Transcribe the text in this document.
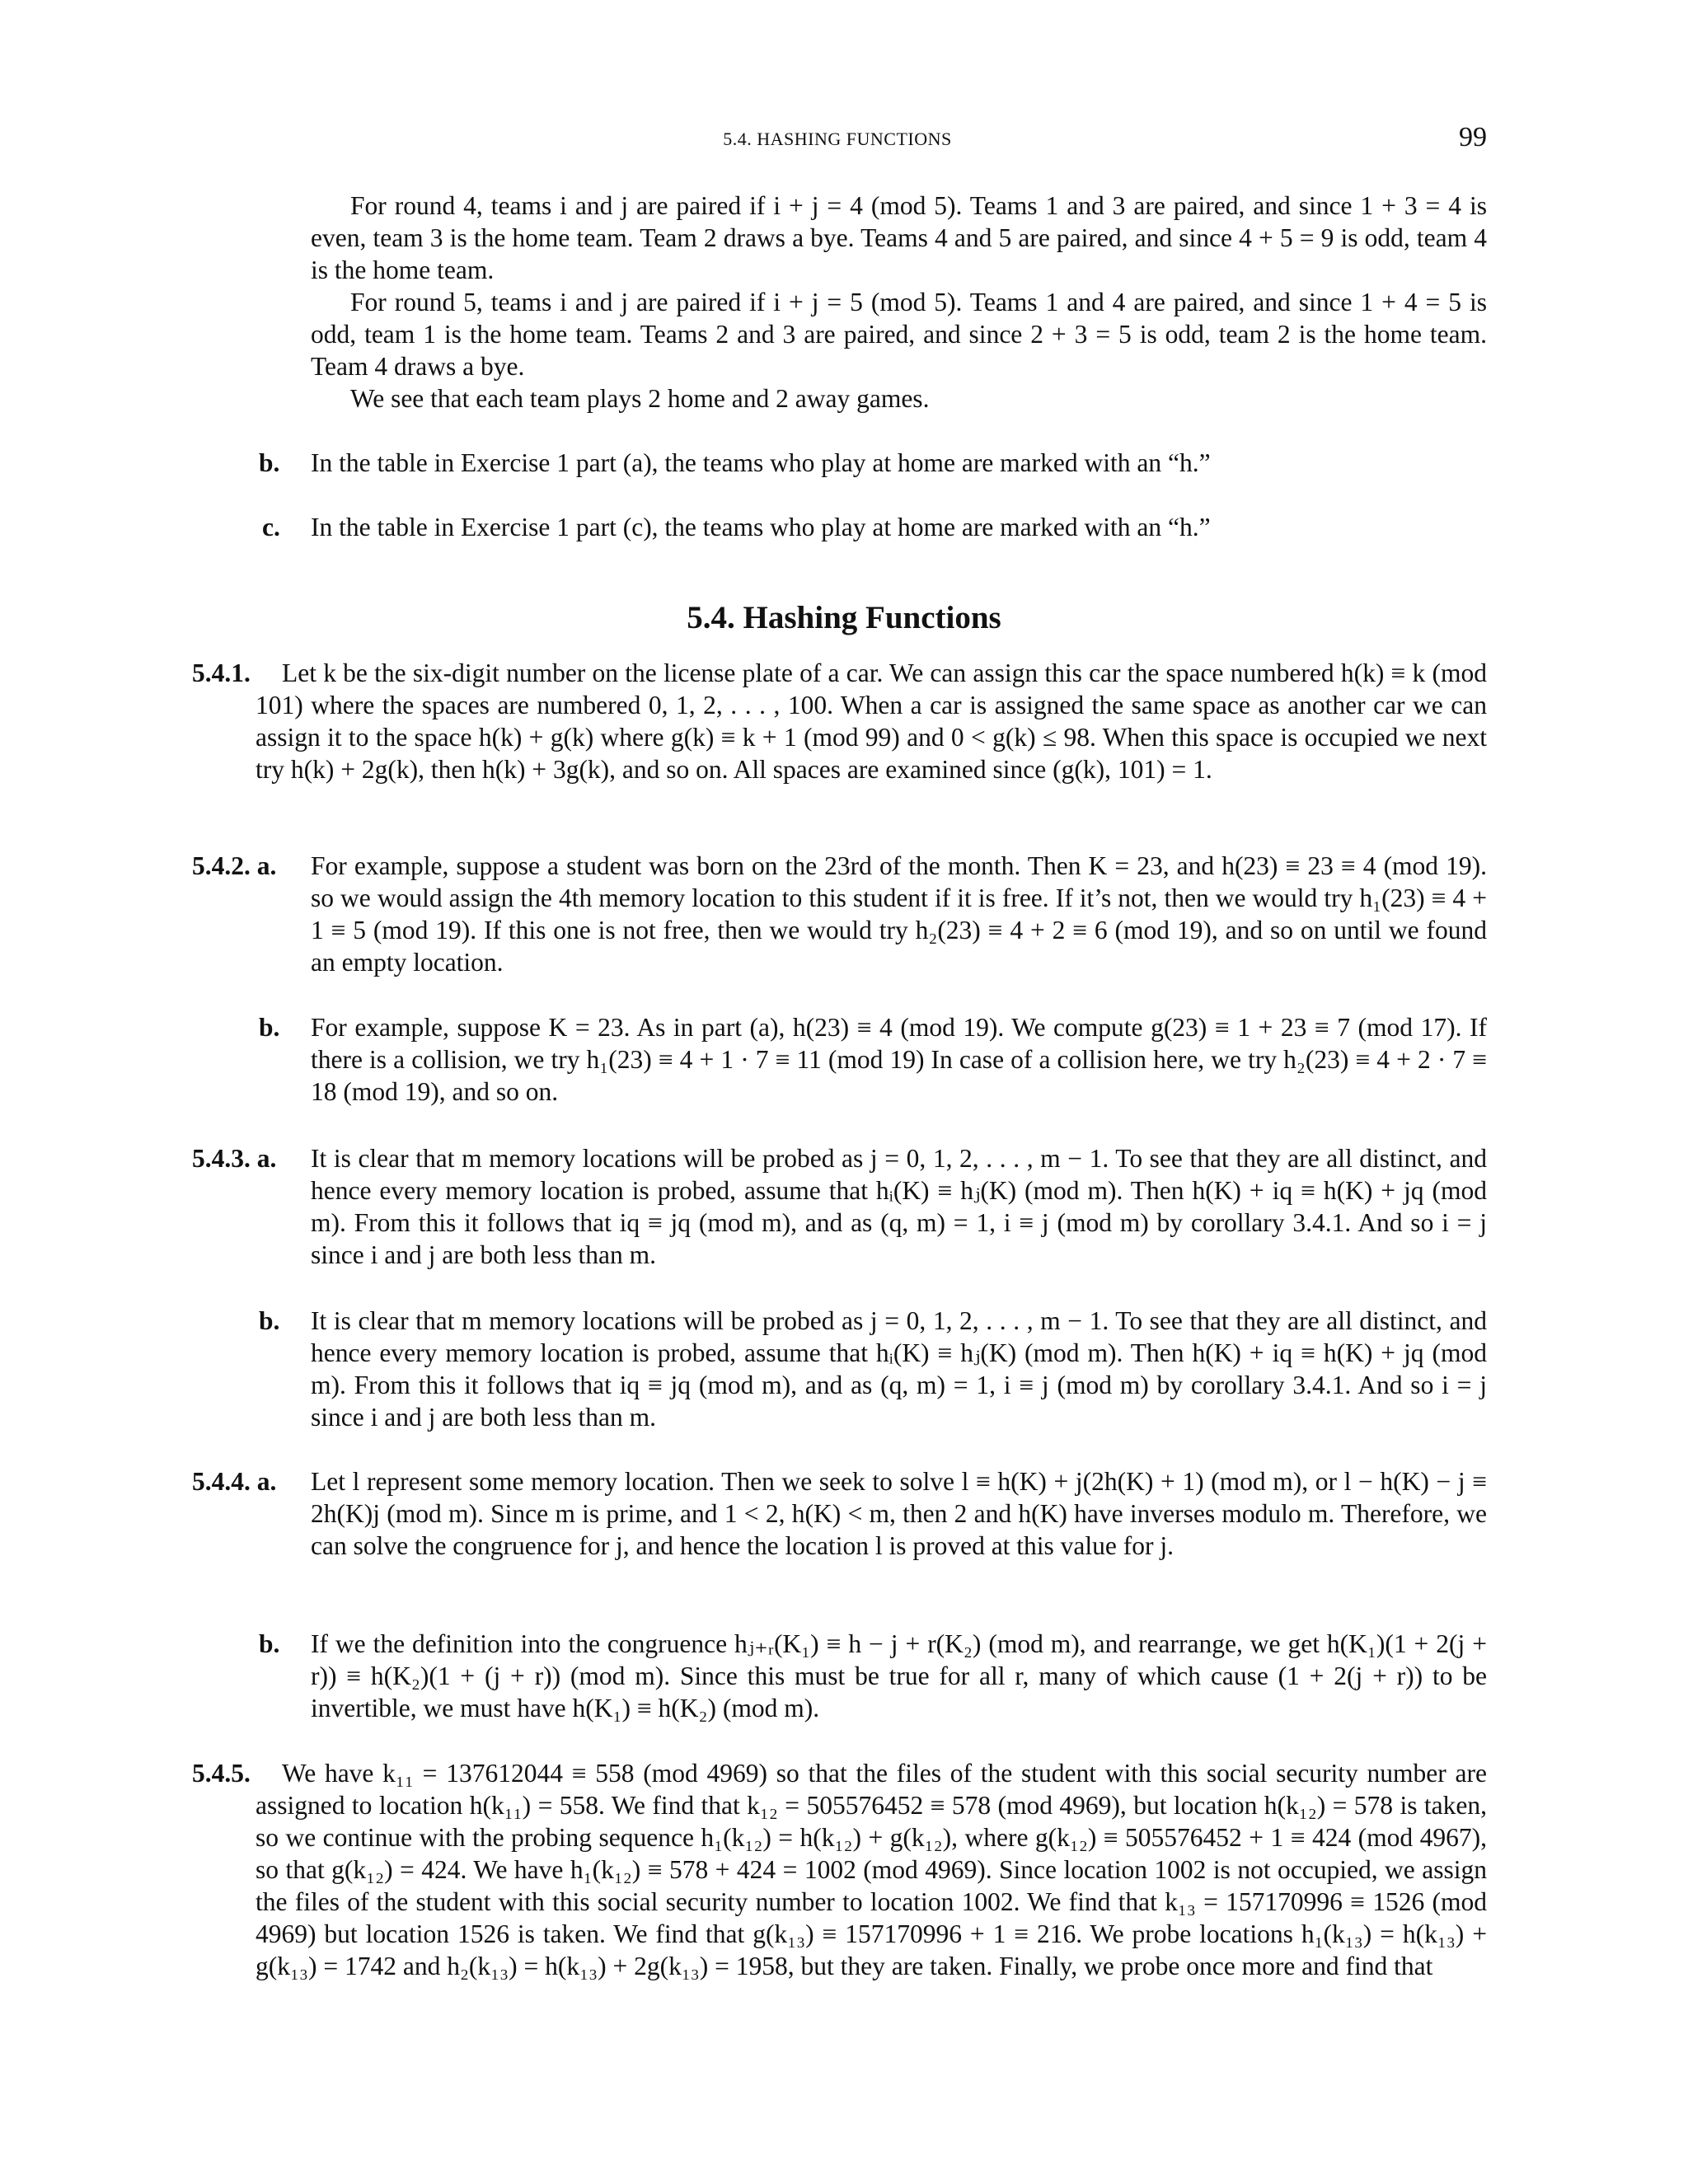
5.4. HASHING FUNCTIONS	99
For round 4, teams i and j are paired if i + j = 4 (mod 5). Teams 1 and 3 are paired, and since 1 + 3 = 4 is even, team 3 is the home team. Team 2 draws a bye. Teams 4 and 5 are paired, and since 4 + 5 = 9 is odd, team 4 is the home team.
For round 5, teams i and j are paired if i + j = 5 (mod 5). Teams 1 and 4 are paired, and since 1 + 4 = 5 is odd, team 1 is the home team. Teams 2 and 3 are paired, and since 2 + 3 = 5 is odd, team 2 is the home team. Team 4 draws a bye.
We see that each team plays 2 home and 2 away games.
b. In the table in Exercise 1 part (a), the teams who play at home are marked with an “h.”
c. In the table in Exercise 1 part (c), the teams who play at home are marked with an “h.”
5.4. Hashing Functions
5.4.1.	Let k be the six-digit number on the license plate of a car. We can assign this car the space numbered h(k) ≡ k (mod 101) where the spaces are numbered 0, 1, 2, . . . , 100. When a car is assigned the same space as another car we can assign it to the space h(k) + g(k) where g(k) ≡ k + 1 (mod 99) and 0 < g(k) ≤ 98. When this space is occupied we next try h(k) + 2g(k), then h(k) + 3g(k), and so on. All spaces are examined since (g(k), 101) = 1.
5.4.2. a. For example, suppose a student was born on the 23rd of the month. Then K = 23, and h(23) ≡ 23 ≡ 4 (mod 19). so we would assign the 4th memory location to this student if it is free. If it’s not, then we would try h₁(23) ≡ 4 + 1 ≡ 5 (mod 19). If this one is not free, then we would try h₂(23) ≡ 4 + 2 ≡ 6 (mod 19), and so on until we found an empty location.
b. For example, suppose K = 23. As in part (a), h(23) ≡ 4 (mod 19). We compute g(23) ≡ 1 + 23 ≡ 7 (mod 17). If there is a collision, we try h₁(23) ≡ 4 + 1 · 7 ≡ 11 (mod 19) In case of a collision here, we try h₂(23) ≡ 4 + 2 · 7 ≡ 18 (mod 19), and so on.
5.4.3. a. It is clear that m memory locations will be probed as j = 0, 1, 2, . . . , m − 1. To see that they are all distinct, and hence every memory location is probed, assume that hᵢ(K) ≡ hⱼ(K) (mod m). Then h(K) + iq ≡ h(K) + jq (mod m). From this it follows that iq ≡ jq (mod m), and as (q, m) = 1, i ≡ j (mod m) by corollary 3.4.1. And so i = j since i and j are both less than m.
b. It is clear that m memory locations will be probed as j = 0, 1, 2, . . . , m − 1. To see that they are all distinct, and hence every memory location is probed, assume that hᵢ(K) ≡ hⱼ(K) (mod m). Then h(K) + iq ≡ h(K) + jq (mod m). From this it follows that iq ≡ jq (mod m), and as (q, m) = 1, i ≡ j (mod m) by corollary 3.4.1. And so i = j since i and j are both less than m.
5.4.4. a. Let l represent some memory location. Then we seek to solve l ≡ h(K) + j(2h(K) + 1) (mod m), or l − h(K) − j ≡ 2h(K)j (mod m). Since m is prime, and 1 < 2, h(K) < m, then 2 and h(K) have inverses modulo m. Therefore, we can solve the congruence for j, and hence the location l is proved at this value for j.
b. If we the definition into the congruence hⱼ₊ᵣ(K₁) ≡ h − j + r(K₂) (mod m), and rearrange, we get h(K₁)(1 + 2(j + r)) ≡ h(K₂)(1 + (j + r)) (mod m). Since this must be true for all r, many of which cause (1 + 2(j + r)) to be invertible, we must have h(K₁) ≡ h(K₂) (mod m).
5.4.5.	We have k₁₁ = 137612044 ≡ 558 (mod 4969) so that the files of the student with this social security number are assigned to location h(k₁₁) = 558. We find that k₁₂ = 505576452 ≡ 578 (mod 4969), but location h(k₁₂) = 578 is taken, so we continue with the probing sequence h₁(k₁₂) = h(k₁₂) + g(k₁₂), where g(k₁₂) ≡ 505576452 + 1 ≡ 424 (mod 4967), so that g(k₁₂) = 424. We have h₁(k₁₂) ≡ 578 + 424 = 1002 (mod 4969). Since location 1002 is not occupied, we assign the files of the student with this social security number to location 1002. We find that k₁₃ = 157170996 ≡ 1526 (mod 4969) but location 1526 is taken. We find that g(k₁₃) ≡ 157170996 + 1 ≡ 216. We probe locations h₁(k₁₃) = h(k₁₃) + g(k₁₃) = 1742 and h₂(k₁₃) = h(k₁₃) + 2g(k₁₃) = 1958, but they are taken. Finally, we probe once more and find that
